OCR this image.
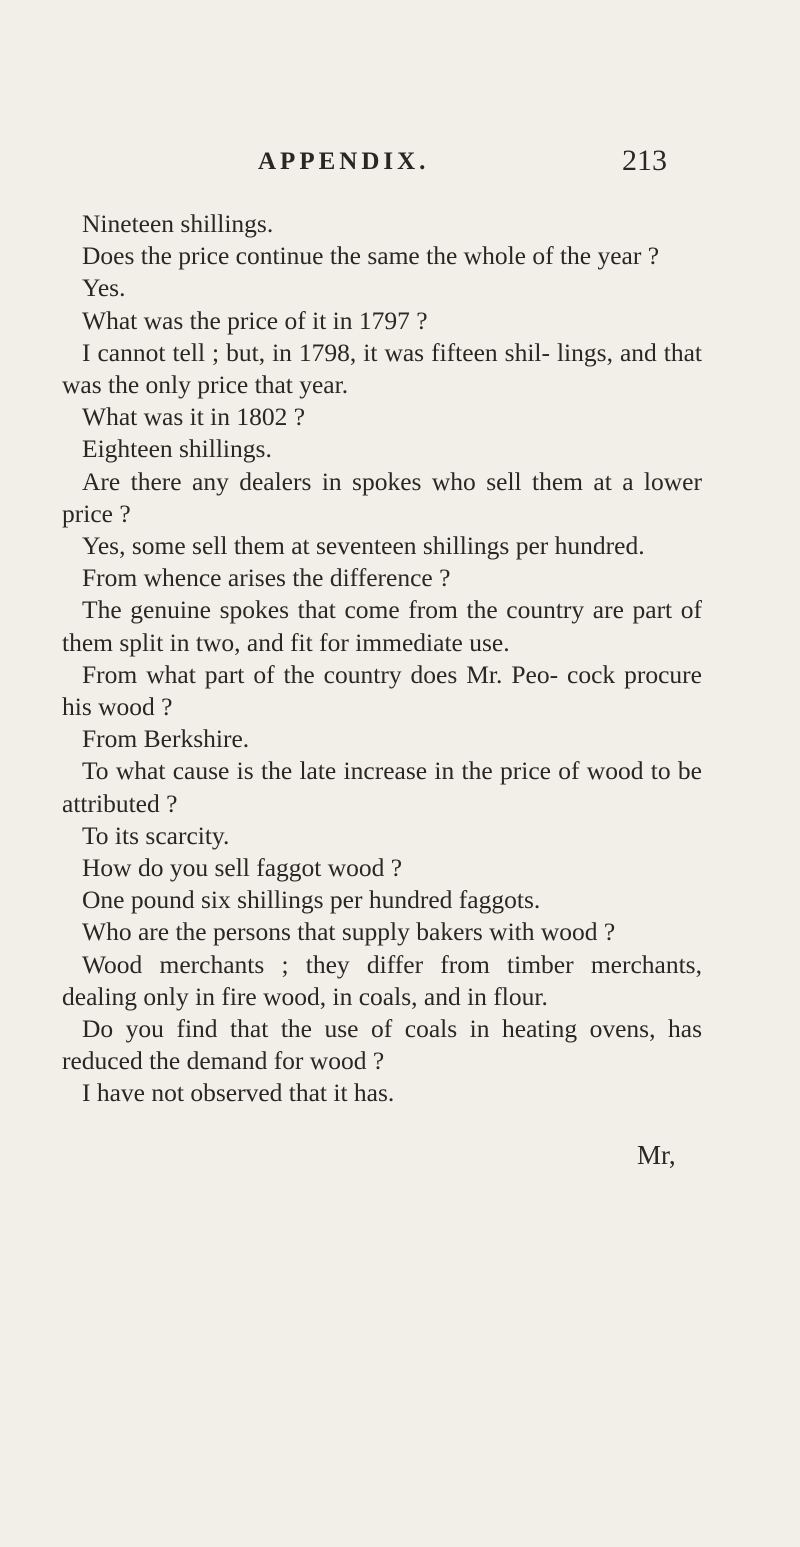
APPENDIX.	213

Nineteen shillings.

Does the price continue the same the whole of the year ?

Yes.

What was the price of it in 1797 ?

I cannot tell ; but, in 1798, it was fifteen shil- lings, and that was the only price that year.

What was it in 1802 ?

Eighteen shillings.

Are there any dealers in spokes who sell them at a lower price ?

Yes, some sell them at seventeen shillings per hundred.

From whence arises the difference ?

The genuine spokes that come from the country are part of them split in two, and fit for immediate use.

From what part of the country does Mr. Peo- cock procure his wood ?

From Berkshire.

To what cause is the late increase in the price of wood to be attributed ?

To its scarcity.

How do you sell faggot wood ?

One pound six shillings per hundred faggots.

Who are the persons that supply bakers with wood ?

Wood merchants ; they differ from timber merchants, dealing only in fire wood, in coals, and in flour.

Do you find that the use of coals in heating ovens, has reduced the demand for wood ?

I have not observed that it has.

Mr,
